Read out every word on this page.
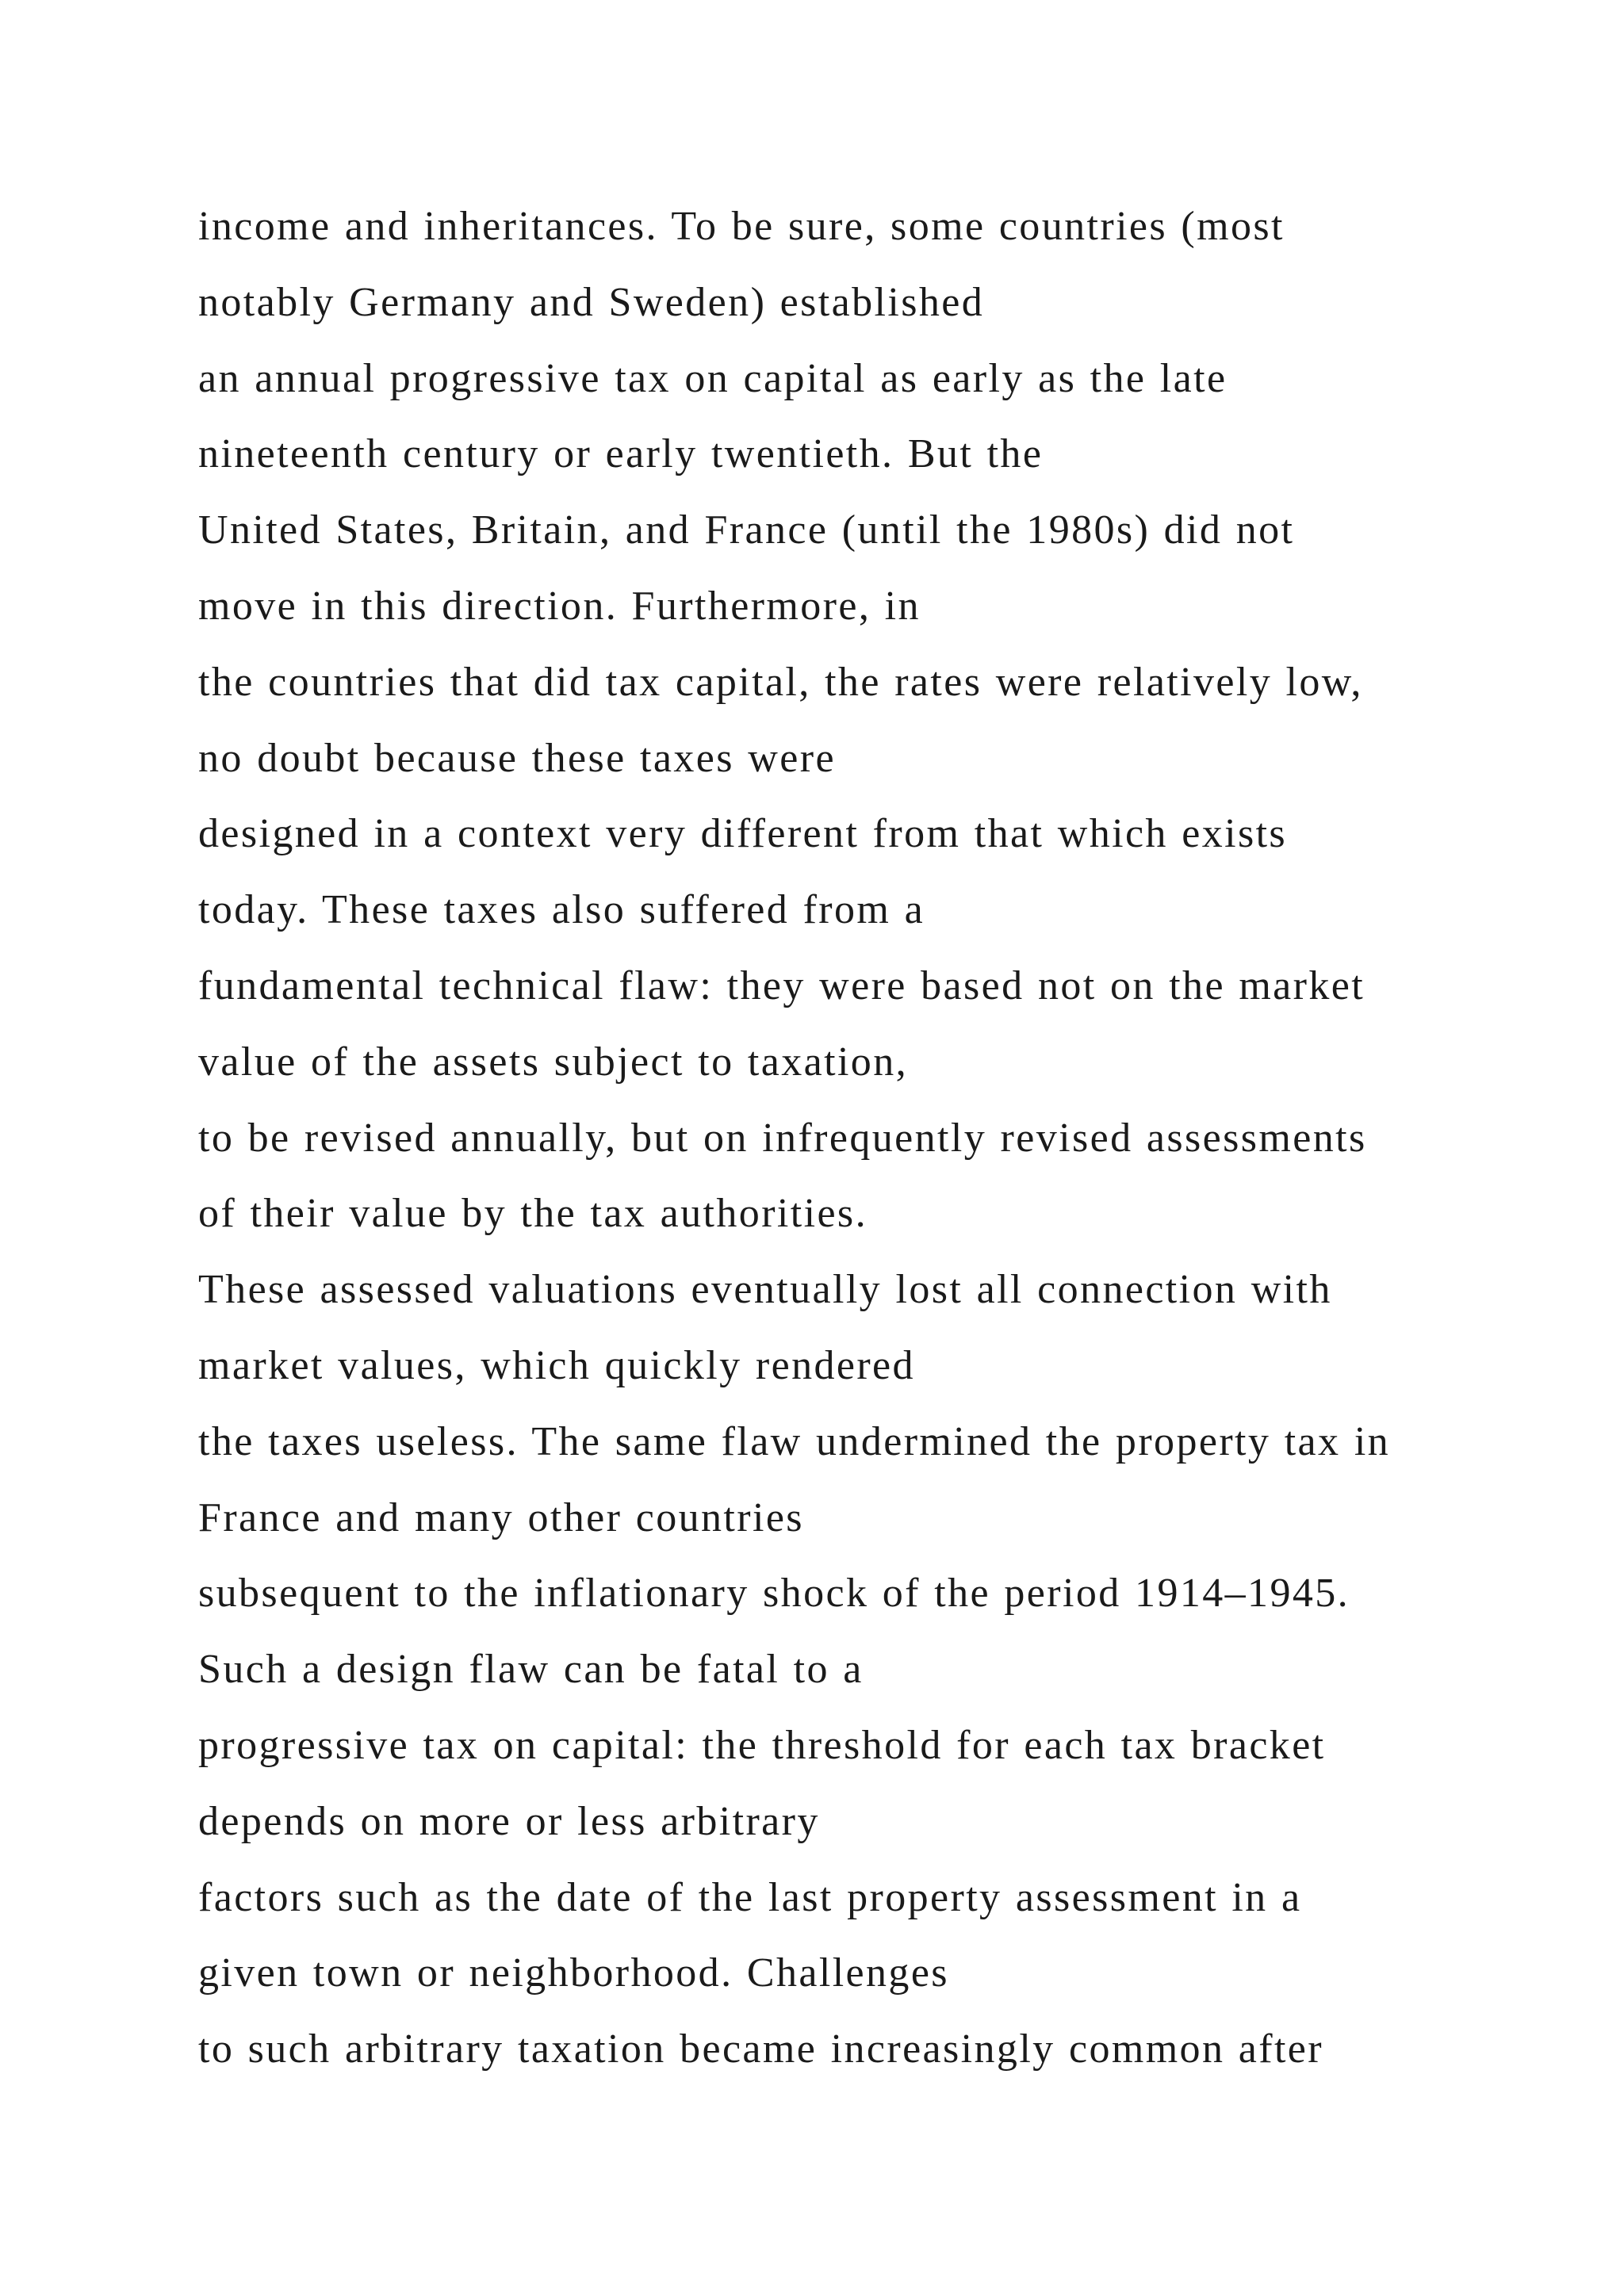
income and inheritances. To be sure, some countries (most
notably Germany and Sweden) established
an annual progressive tax on capital as early as the late
nineteenth century or early twentieth. But the
United States, Britain, and France (until the 1980s) did not
move in this direction. Furthermore, in
the countries that did tax capital, the rates were relatively low,
no doubt because these taxes were
designed in a context very different from that which exists
today. These taxes also suffered from a
fundamental technical flaw: they were based not on the market
value of the assets subject to taxation,
to be revised annually, but on infrequently revised assessments
of their value by the tax authorities.
These assessed valuations eventually lost all connection with
market values, which quickly rendered
the taxes useless. The same flaw undermined the property tax in
France and many other countries
subsequent to the inflationary shock of the period 1914–1945.
Such a design flaw can be fatal to a
progressive tax on capital: the threshold for each tax bracket
depends on more or less arbitrary
factors such as the date of the last property assessment in a
given town or neighborhood. Challenges
to such arbitrary taxation became increasingly common after
